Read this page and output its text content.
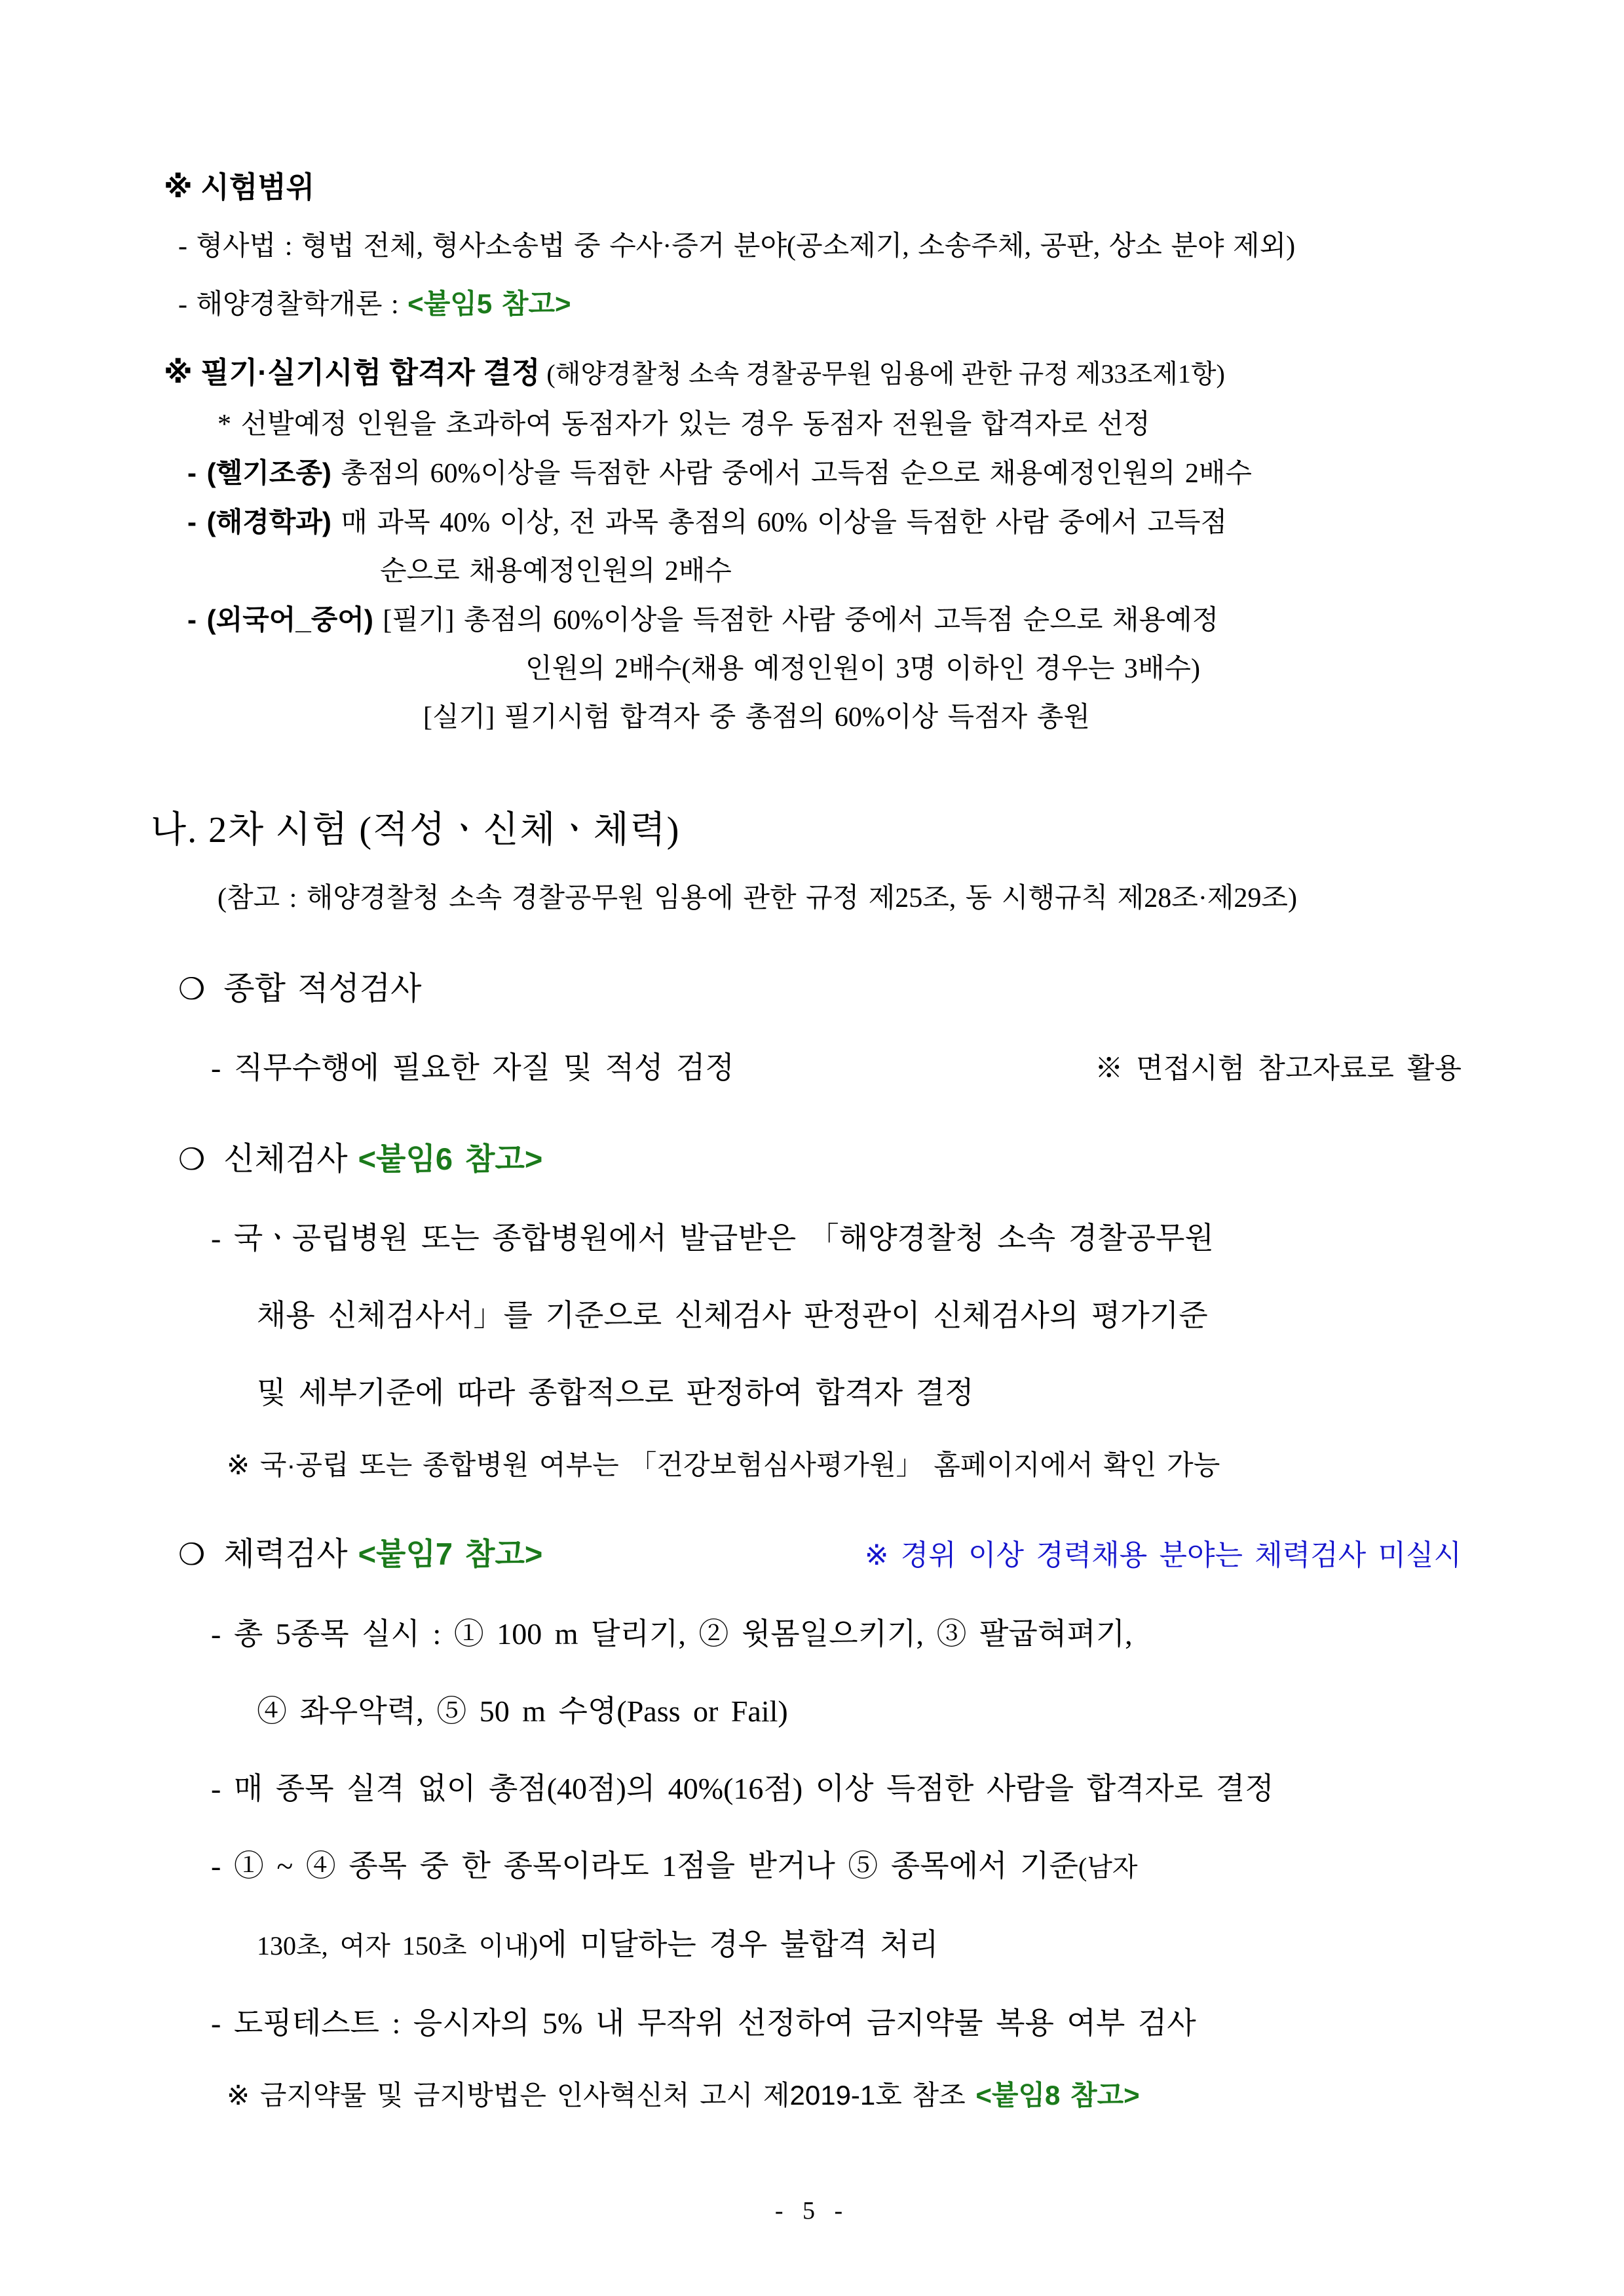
※ 시험범위
- 형사법 : 형법 전체, 형사소송법 중 수사·증거 분야(공소제기, 소송주체, 공판, 상소 분야 제외)
- 해양경찰학개론 : <붙임5 참고>
※ 필기·실기시험 합격자 결정 (해양경찰청 소속 경찰공무원 임용에 관한 규정 제33조제1항)
* 선발예정 인원을 초과하여 동점자가 있는 경우 동점자 전원을 합격자로 선정
- (헬기조종) 총점의 60%이상을 득점한 사람 중에서 고득점 순으로 채용예정인원의 2배수
- (해경학과) 매 과목 40% 이상, 전 과목 총점의 60% 이상을 득점한 사람 중에서 고득점
순으로 채용예정인원의 2배수
- (외국어_중어) [필기] 총점의 60%이상을 득점한 사람 중에서 고득점 순으로 채용예정
인원의 2배수(채용 예정인원이 3명 이하인 경우는 3배수)
[실기] 필기시험 합격자 중 총점의 60%이상 득점자 총원
나. 2차 시험 (적성ㆍ신체ㆍ체력)
(참고 : 해양경찰청 소속 경찰공무원 임용에 관한 규정 제25조, 동 시행규칙 제28조·제29조)
❍ 종합 적성검사
- 직무수행에 필요한 자질 및 적성 검정	※ 면접시험 참고자료로 활용
❍ 신체검사 <붙임6 참고>
- 국ㆍ공립병원 또는 종합병원에서 발급받은 「해양경찰청 소속 경찰공무원
채용 신체검사서」를 기준으로 신체검사 판정관이 신체검사의 평가기준
및 세부기준에 따라 종합적으로 판정하여 합격자 결정
※ 국·공립 또는 종합병원 여부는 「건강보험심사평가원」 홈페이지에서 확인 가능
❍ 체력검사 <붙임7 참고>	※ 경위 이상 경력채용 분야는 체력검사 미실시
- 총 5종목 실시 : ① 100 m 달리기, ② 윗몸일으키기, ③ 팔굽혀펴기,
④ 좌우악력, ⑤ 50 m 수영(Pass or Fail)
- 매 종목 실격 없이 총점(40점)의 40%(16점) 이상 득점한 사람을 합격자로 결정
- ① ~ ④ 종목 중 한 종목이라도 1점을 받거나 ⑤ 종목에서 기준 (남자
130초, 여자 150초 이내) 에 미달하는 경우 불합격 처리
- 도핑테스트 : 응시자의 5% 내 무작위 선정하여 금지약물 복용 여부 검사
※ 금지약물 및 금지방법은 인사혁신처 고시 제2019-1호 참조 <붙임8 참고>
- 5 -
